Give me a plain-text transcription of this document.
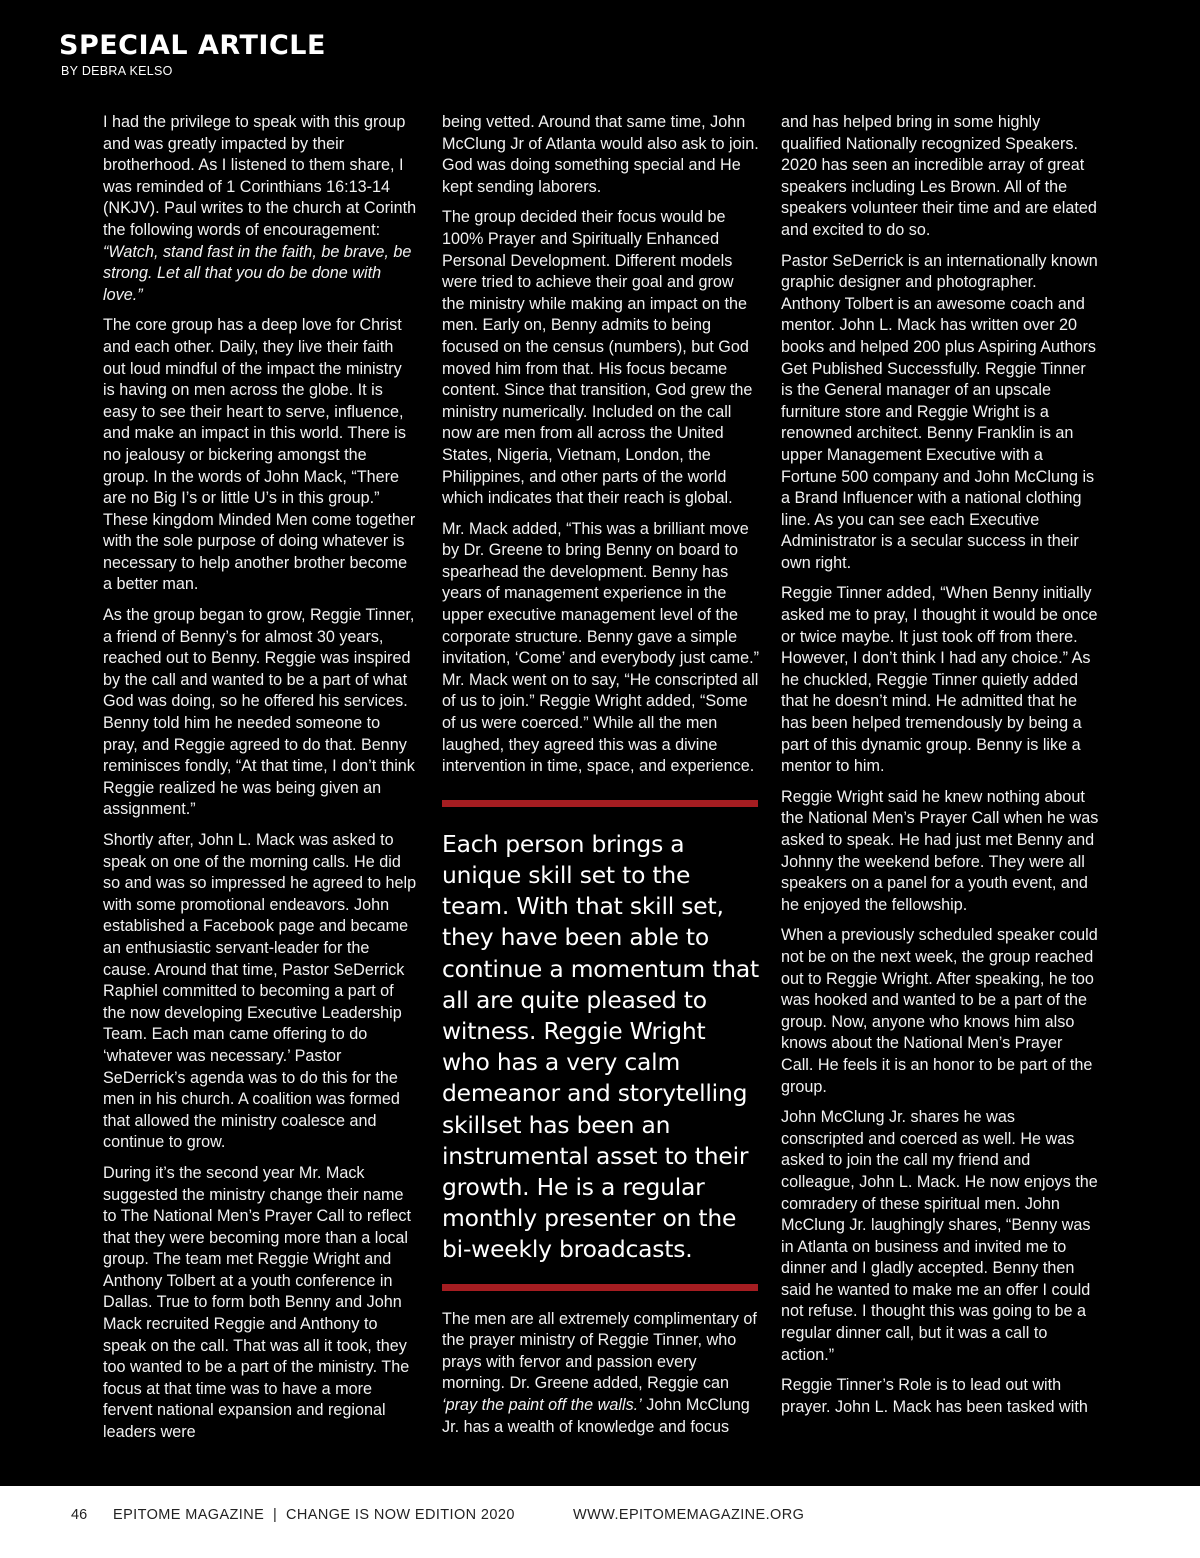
SPECIAL ARTICLE
BY DEBRA KELSO

I had the privilege to speak with this group and was greatly impacted by their brotherhood. As I listened to them share, I was reminded of 1 Corinthians 16:13-14 (NKJV). Paul writes to the church at Corinth the following words of encouragement: “Watch, stand fast in the faith, be brave, be strong. Let all that you do be done with love.”

The core group has a deep love for Christ and each other. Daily, they live their faith out loud mindful of the impact the ministry is having on men across the globe. It is easy to see their heart to serve, influence, and make an impact in this world. There is no jealousy or bickering amongst the group. In the words of John Mack, “There are no Big I’s or little U’s in this group.” These kingdom Minded Men come together with the sole purpose of doing whatever is necessary to help another brother become a better man.

As the group began to grow, Reggie Tinner, a friend of Benny’s for almost 30 years, reached out to Benny. Reggie was inspired by the call and wanted to be a part of what God was doing, so he offered his services. Benny told him he needed someone to pray, and Reggie agreed to do that. Benny reminisces fondly, “At that time, I don’t think Reggie realized he was being given an assignment.”

Shortly after, John L. Mack was asked to speak on one of the morning calls. He did so and was so impressed he agreed to help with some promotional endeavors. John established a Facebook page and became an enthusiastic servant-leader for the cause. Around that time, Pastor SeDerrick Raphiel committed to becoming a part of the now developing Executive Leadership Team. Each man came offering to do ‘whatever was necessary.’ Pastor SeDerrick’s agenda was to do this for the men in his church. A coalition was formed that allowed the ministry coalesce and continue to grow.

During it’s the second year Mr. Mack suggested the ministry change their name to The National Men’s Prayer Call to reflect that they were becoming more than a local group. The team met Reggie Wright and Anthony Tolbert at a youth conference in Dallas. True to form both Benny and John Mack recruited Reggie and Anthony to speak on the call. That was all it took, they too wanted to be a part of the ministry. The focus at that time was to have a more fervent national expansion and regional leaders were

being vetted. Around that same time, John McClung Jr of Atlanta would also ask to join. God was doing something special and He kept sending laborers.

The group decided their focus would be 100% Prayer and Spiritually Enhanced Personal Development. Different models were tried to achieve their goal and grow the ministry while making an impact on the men. Early on, Benny admits to being focused on the census (numbers), but God moved him from that. His focus became content. Since that transition, God grew the ministry numerically. Included on the call now are men from all across the United States, Nigeria, Vietnam, London, the Philippines, and other parts of the world which indicates that their reach is global.

Mr. Mack added, “This was a brilliant move by Dr. Greene to bring Benny on board to spearhead the development. Benny has years of management experience in the upper executive management level of the corporate structure. Benny gave a simple invitation, ‘Come’ and everybody just came.” Mr. Mack went on to say, “He conscripted all of us to join.” Reggie Wright added, “Some of us were coerced.” While all the men laughed, they agreed this was a divine intervention in time, space, and experience.

Each person brings a unique skill set to the team. With that skill set, they have been able to continue a momentum that all are quite pleased to witness. Reggie Wright who has a very calm demeanor and storytelling skillset has been an instrumental asset to their growth. He is a regular monthly presenter on the bi-weekly broadcasts.

The men are all extremely complimentary of the prayer ministry of Reggie Tinner, who prays with fervor and passion every morning. Dr. Greene added, Reggie can ‘pray the paint off the walls.’ John McClung Jr. has a wealth of knowledge and focus

and has helped bring in some highly qualified Nationally recognized Speakers. 2020 has seen an incredible array of great speakers including Les Brown. All of the speakers volunteer their time and are elated and excited to do so.

Pastor SeDerrick is an internationally known graphic designer and photographer. Anthony Tolbert is an awesome coach and mentor. John L. Mack has written over 20 books and helped 200 plus Aspiring Authors Get Published Successfully. Reggie Tinner is the General manager of an upscale furniture store and Reggie Wright is a renowned architect. Benny Franklin is an upper Management Executive with a Fortune 500 company and John McClung is a Brand Influencer with a national clothing line. As you can see each Executive Administrator is a secular success in their own right.

Reggie Tinner added, “When Benny initially asked me to pray, I thought it would be once or twice maybe. It just took off from there. However, I don’t think I had any choice.” As he chuckled, Reggie Tinner quietly added that he doesn’t mind. He admitted that he has been helped tremendously by being a part of this dynamic group. Benny is like a mentor to him.

Reggie Wright said he knew nothing about the National Men’s Prayer Call when he was asked to speak. He had just met Benny and Johnny the weekend before. They were all speakers on a panel for a youth event, and he enjoyed the fellowship.

When a previously scheduled speaker could not be on the next week, the group reached out to Reggie Wright. After speaking, he too was hooked and wanted to be a part of the group. Now, anyone who knows him also knows about the National Men’s Prayer Call. He feels it is an honor to be part of the group.

John McClung Jr. shares he was conscripted and coerced as well. He was asked to join the call my friend and colleague, John L. Mack. He now enjoys the comradery of these spiritual men. John McClung Jr. laughingly shares, “Benny was in Atlanta on business and invited me to dinner and I gladly accepted. Benny then said he wanted to make me an offer I could not refuse. I thought this was going to be a regular dinner call, but it was a call to action.”

Reggie Tinner’s Role is to lead out with prayer. John L. Mack has been tasked with

46 EPITOME MAGAZINE  |  CHANGE IS NOW EDITION 2020	WWW.EPITOMEMAGAZINE.ORG
